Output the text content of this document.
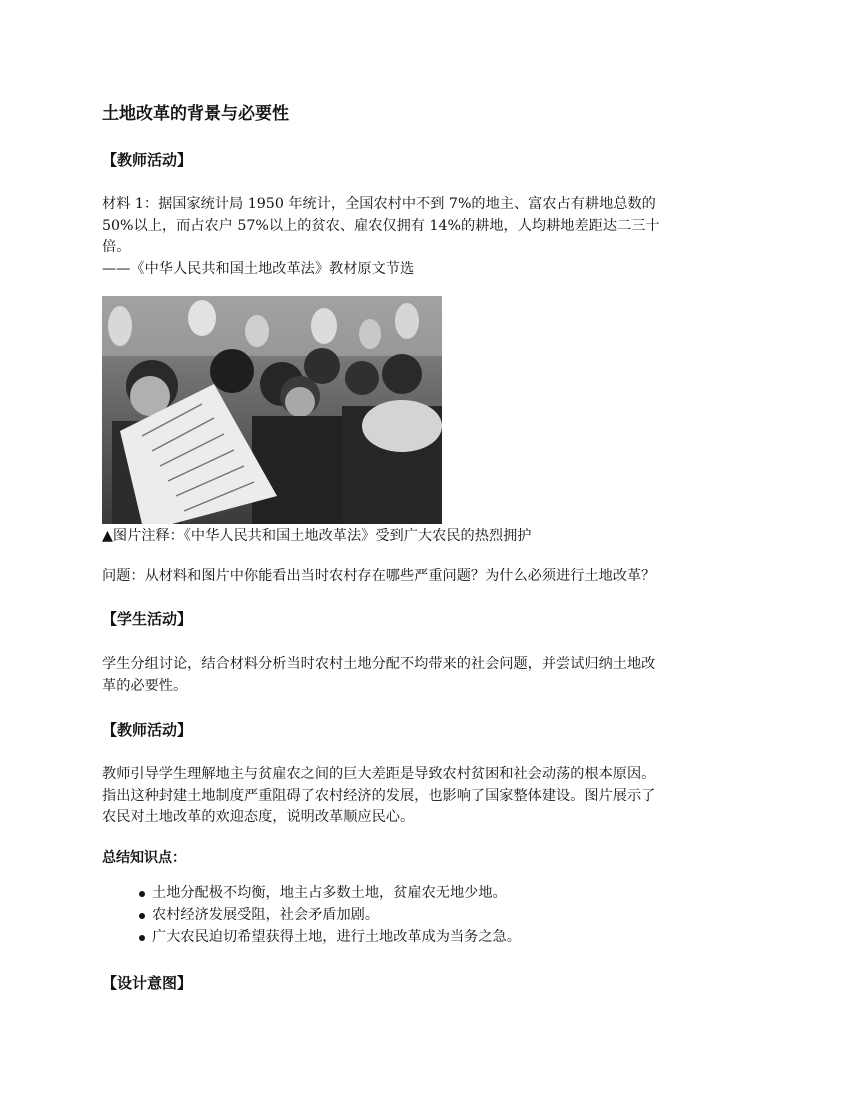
土地改革的背景与必要性
【教师活动】
材料 1：据国家统计局 1950 年统计，全国农村中不到 7%的地主、富农占有耕地总数的
50%以上，而占农户 57%以上的贫农、雇农仅拥有 14%的耕地，人均耕地差距达二三十
倍。
——《中华人民共和国土地改革法》教材原文节选
▲图片注释：《中华人民共和国土地改革法》受到广大农民的热烈拥护
问题：从材料和图片中你能看出当时农村存在哪些严重问题？为什么必须进行土地改革？
【学生活动】
学生分组讨论，结合材料分析当时农村土地分配不均带来的社会问题，并尝试归纳土地改
革的必要性。
【教师活动】
教师引导学生理解地主与贫雇农之间的巨大差距是导致农村贫困和社会动荡的根本原因。
指出这种封建土地制度严重阻碍了农村经济的发展，也影响了国家整体建设。图片展示了
农民对土地改革的欢迎态度，说明改革顺应民心。
总结知识点：
土地分配极不均衡，地主占多数土地，贫雇农无地少地。
农村经济发展受阻，社会矛盾加剧。
广大农民迫切希望获得土地，进行土地改革成为当务之急。
【设计意图】
